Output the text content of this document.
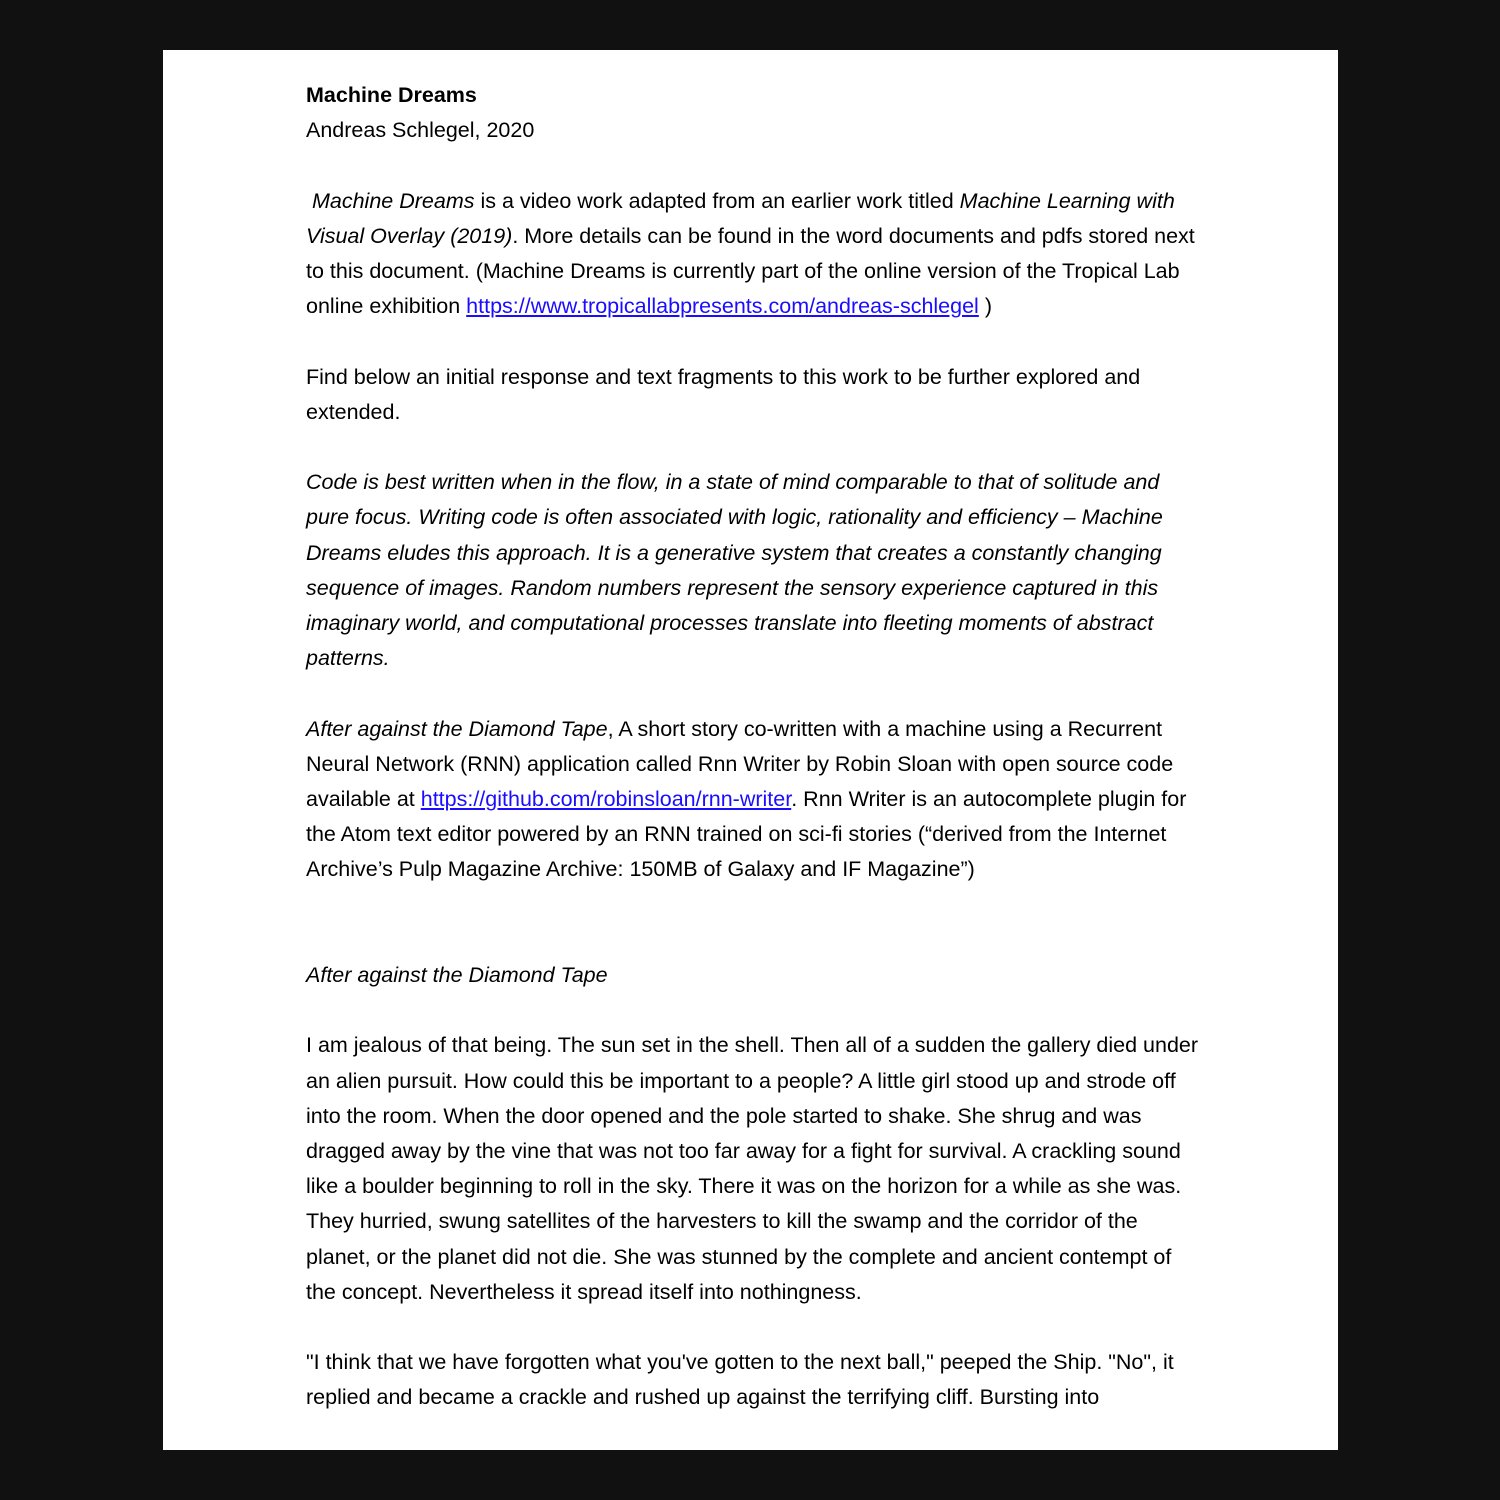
Machine Dreams

Andreas Schlegel, 2020

Machine Dreams is a video work adapted from an earlier work titled Machine Learning with Visual Overlay (2019). More details can be found in the word documents and pdfs stored next to this document. (Machine Dreams is currently part of the online version of the Tropical Lab online exhibition https://www.tropicallabpresents.com/andreas-schlegel )

Find below an initial response and text fragments to this work to be further explored and extended.

Code is best written when in the flow, in a state of mind comparable to that of solitude and pure focus. Writing code is often associated with logic, rationality and efficiency – Machine Dreams eludes this approach. It is a generative system that creates a constantly changing sequence of images. Random numbers represent the sensory experience captured in this imaginary world, and computational processes translate into fleeting moments of abstract patterns.

After against the Diamond Tape, A short story co-written with a machine using a Recurrent Neural Network (RNN) application called Rnn Writer by Robin Sloan with open source code available at https://github.com/robinsloan/rnn-writer. Rnn Writer is an autocomplete plugin for the Atom text editor powered by an RNN trained on sci-fi stories (“derived from the Internet Archive’s Pulp Magazine Archive: 150MB of Galaxy and IF Magazine”)

After against the Diamond Tape

I am jealous of that being. The sun set in the shell. Then all of a sudden the gallery died under an alien pursuit. How could this be important to a people? A little girl stood up and strode off into the room. When the door opened and the pole started to shake. She shrug and was dragged away by the vine that was not too far away for a fight for survival. A crackling sound like a boulder beginning to roll in the sky. There it was on the horizon for a while as she was. They hurried, swung satellites of the harvesters to kill the swamp and the corridor of the planet, or the planet did not die. She was stunned by the complete and ancient contempt of the concept. Nevertheless it spread itself into nothingness.

"I think that we have forgotten what you've gotten to the next ball," peeped the Ship. "No", it replied and became a crackle and rushed up against the terrifying cliff. Bursting into
